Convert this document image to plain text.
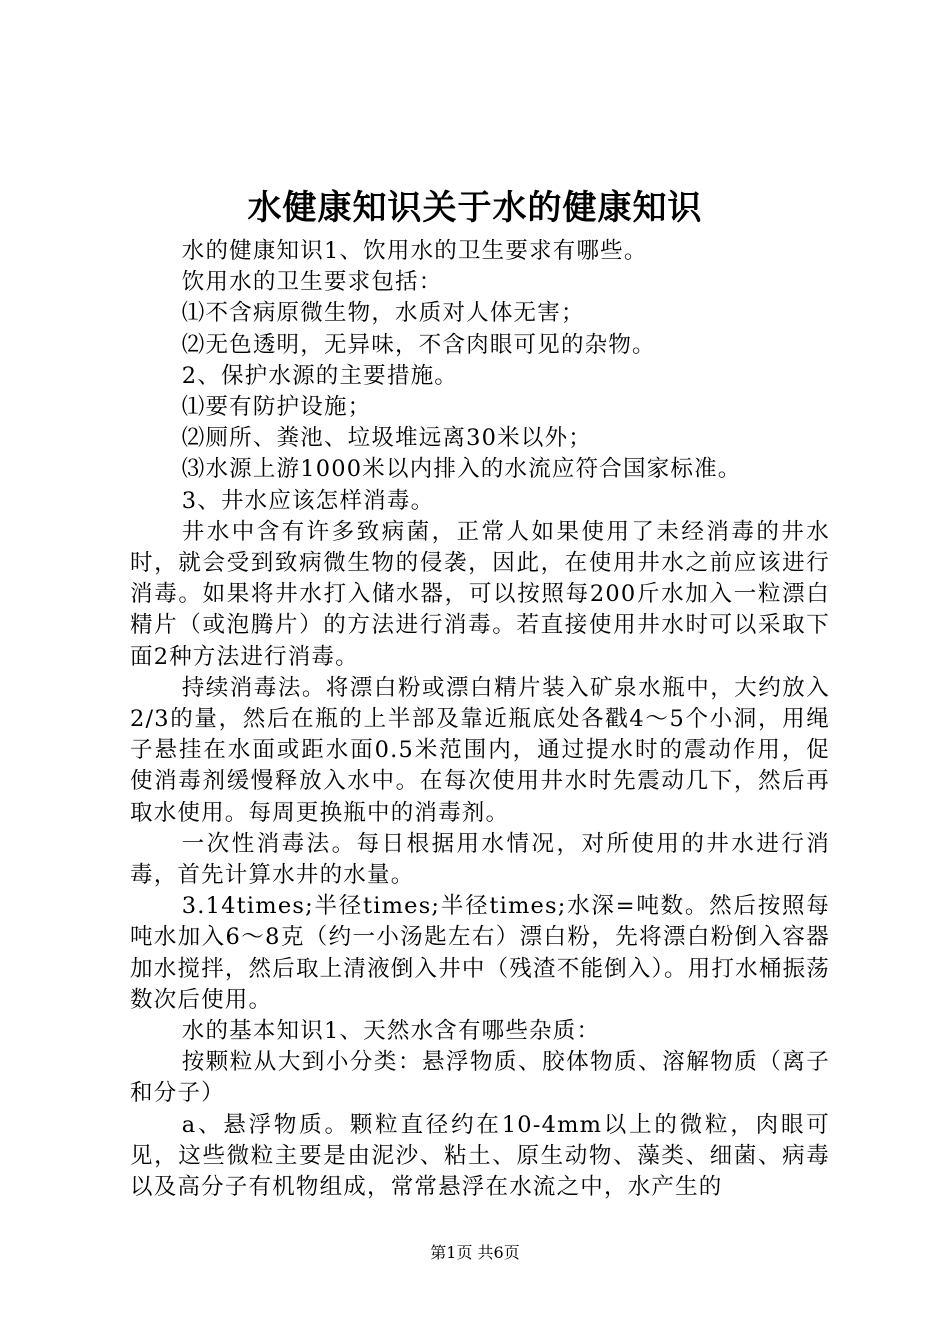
水健康知识关于水的健康知识

水的健康知识1、饮用水的卫生要求有哪些。

饮用水的卫生要求包括：

⑴不含病原微生物，水质对人体无害；

⑵无色透明，无异味，不含肉眼可见的杂物。

2、保护水源的主要措施。

⑴要有防护设施；

⑵厕所、粪池、垃圾堆远离30米以外；

⑶水源上游1000米以内排入的水流应符合国家标准。

3、井水应该怎样消毒。

井水中含有许多致病菌，正常人如果使用了未经消毒的井水时，就会受到致病微生物的侵袭，因此，在使用井水之前应该进行消毒。如果将井水打入储水器，可以按照每200斤水加入一粒漂白精片（或泡腾片）的方法进行消毒。若直接使用井水时可以采取下面2种方法进行消毒。

持续消毒法。将漂白粉或漂白精片装入矿泉水瓶中，大约放入2/3的量，然后在瓶的上半部及靠近瓶底处各戳4～5个小洞，用绳子悬挂在水面或距水面0.5米范围内，通过提水时的震动作用，促使消毒剂缓慢释放入水中。在每次使用井水时先震动几下，然后再取水使用。每周更换瓶中的消毒剂。

一次性消毒法。每日根据用水情况，对所使用的井水进行消毒，首先计算水井的水量。

3.14times;半径times;半径times;水深=吨数。然后按照每吨水加入6～8克（约一小汤匙左右）漂白粉，先将漂白粉倒入容器加水搅拌，然后取上清液倒入井中（残渣不能倒入）。用打水桶振荡数次后使用。

水的基本知识1、天然水含有哪些杂质：

按颗粒从大到小分类：悬浮物质、胶体物质、溶解物质（离子和分子）

a、悬浮物质。颗粒直径约在10-4mm以上的微粒，肉眼可见，这些微粒主要是由泥沙、粘土、原生动物、藻类、细菌、病毒以及高分子有机物组成，常常悬浮在水流之中，水产生的

第1页 共6页
